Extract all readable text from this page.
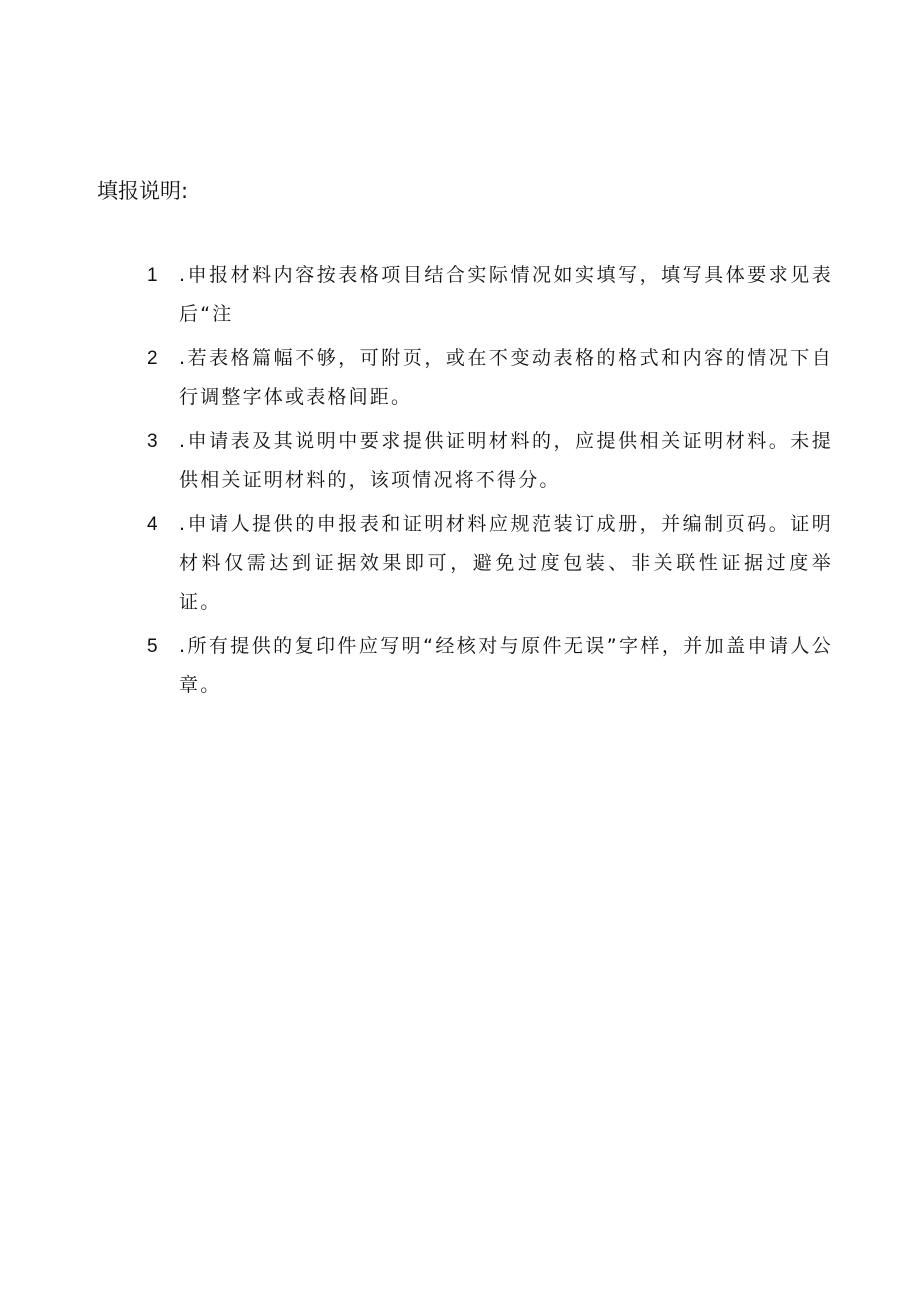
填报说明:
1	.申报材料内容按表格项目结合实际情况如实填写，填写具体要求见表后“注
2	.若表格篇幅不够，可附页，或在不变动表格的格式和内容的情况下自行调整字体或表格间距。
3	.申请表及其说明中要求提供证明材料的，应提供相关证明材料。未提供相关证明材料的，该项情况将不得分。
4	.申请人提供的申报表和证明材料应规范装订成册，并编制页码。证明材料仅需达到证据效果即可，避免过度包装、非关联性证据过度举证。
5	.所有提供的复印件应写明“经核对与原件无误”字样，并加盖申请人公章。
